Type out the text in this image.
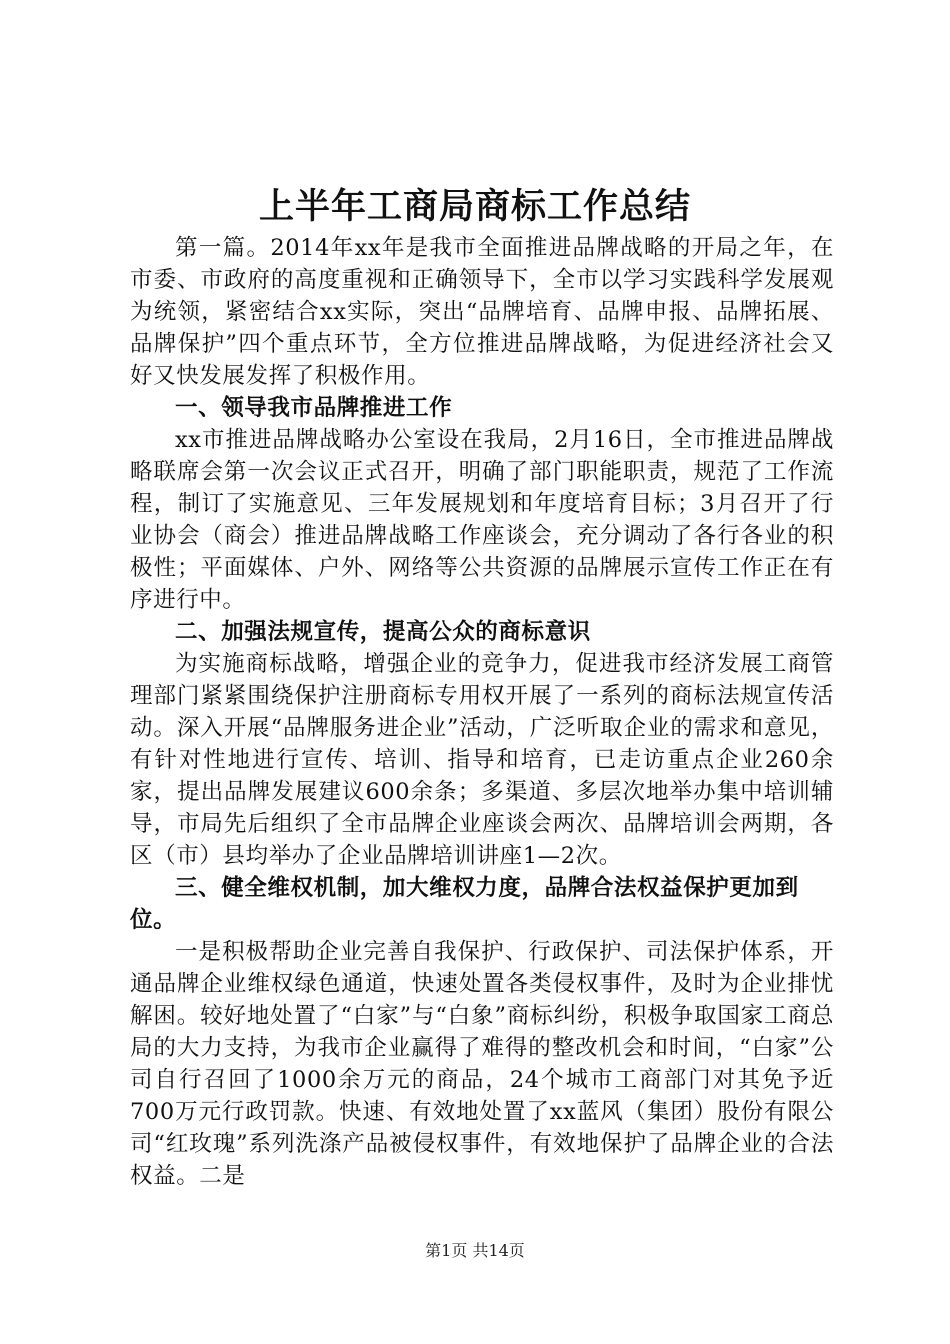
上半年工商局商标工作总结

第一篇。2014年xx年是我市全面推进品牌战略的开局之年，在市委、市政府的高度重视和正确领导下，全市以学习实践科学发展观为统领，紧密结合xx实际，突出“品牌培育、品牌申报、品牌拓展、品牌保护”四个重点环节，全方位推进品牌战略，为促进经济社会又好又快发展发挥了积极作用。

一、领导我市品牌推进工作

xx市推进品牌战略办公室设在我局，2月16日，全市推进品牌战略联席会第一次会议正式召开，明确了部门职能职责，规范了工作流程，制订了实施意见、三年发展规划和年度培育目标；3月召开了行业协会（商会）推进品牌战略工作座谈会，充分调动了各行各业的积极性；平面媒体、户外、网络等公共资源的品牌展示宣传工作正在有序进行中。

二、加强法规宣传，提高公众的商标意识

为实施商标战略，增强企业的竞争力，促进我市经济发展工商管理部门紧紧围绕保护注册商标专用权开展了一系列的商标法规宣传活动。深入开展“品牌服务进企业”活动，广泛听取企业的需求和意见，有针对性地进行宣传、培训、指导和培育，已走访重点企业260余家，提出品牌发展建议600余条；多渠道、多层次地举办集中培训辅导，市局先后组织了全市品牌企业座谈会两次、品牌培训会两期，各区（市）县均举办了企业品牌培训讲座1—2次。

三、健全维权机制，加大维权力度，品牌合法权益保护更加到位。

一是积极帮助企业完善自我保护、行政保护、司法保护体系，开通品牌企业维权绿色通道，快速处置各类侵权事件，及时为企业排忧解困。较好地处置了“白家”与“白象”商标纠纷，积极争取国家工商总局的大力支持，为我市企业赢得了难得的整改机会和时间，“白家”公司自行召回了1000余万元的商品，24个城市工商部门对其免予近700万元行政罚款。快速、有效地处置了xx蓝风（集团）股份有限公司“红玫瑰”系列洗涤产品被侵权事件，有效地保护了品牌企业的合法权益。二是

第1页 共14页
